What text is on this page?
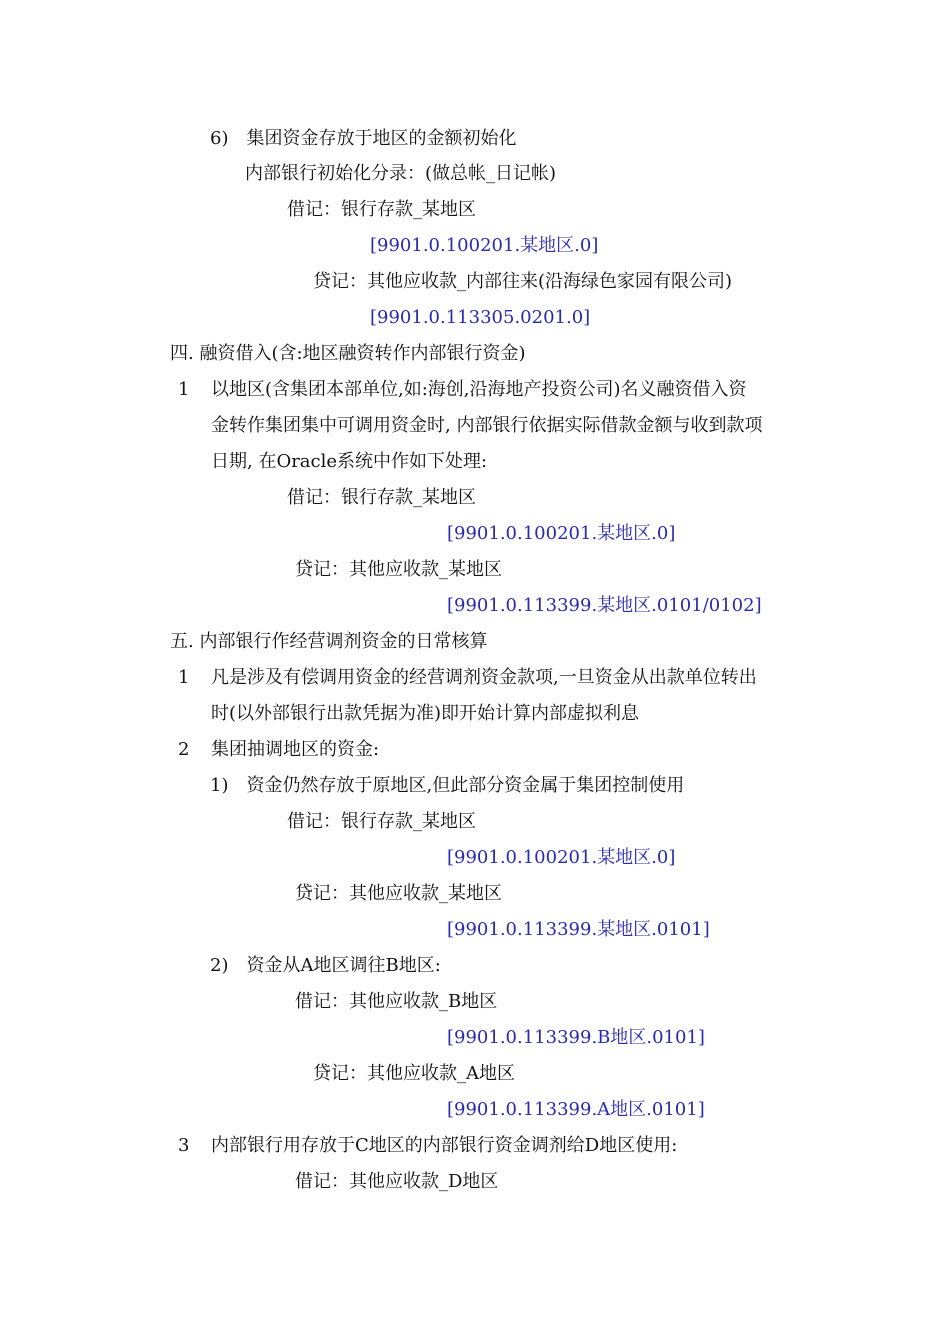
6)　集团资金存放于地区的金额初始化
内部银行初始化分录：(做总帐_日记帐)
借记：银行存款_某地区
[9901.0.100201.某地区.0]
贷记：其他应收款_内部往来(沿海绿色家园有限公司)
[9901.0.113305.0201.0]
四. 融资借入(含:地区融资转作内部银行资金)
1 以地区(含集团本部单位,如:海创,沿海地产投资公司)名义融资借入资
金转作集团集中可调用资金时, 内部银行依据实际借款金额与收到款项
日期, 在Oracle系统中作如下处理:
借记：银行存款_某地区
[9901.0.100201.某地区.0]
贷记：其他应收款_某地区
[9901.0.113399.某地区.0101/0102]
五. 内部银行作经营调剂资金的日常核算
1 凡是涉及有偿调用资金的经营调剂资金款项,一旦资金从出款单位转出
时(以外部银行出款凭据为准)即开始计算内部虚拟利息
2 集团抽调地区的资金:
1)　资金仍然存放于原地区,但此部分资金属于集团控制使用
借记：银行存款_某地区
[9901.0.100201.某地区.0]
贷记：其他应收款_某地区
[9901.0.113399.某地区.0101]
2)　资金从A地区调往B地区:
借记：其他应收款_B地区
[9901.0.113399.B地区.0101]
贷记：其他应收款_A地区
[9901.0.113399.A地区.0101]
3 内部银行用存放于C地区的内部银行资金调剂给D地区使用:
借记：其他应收款_D地区
